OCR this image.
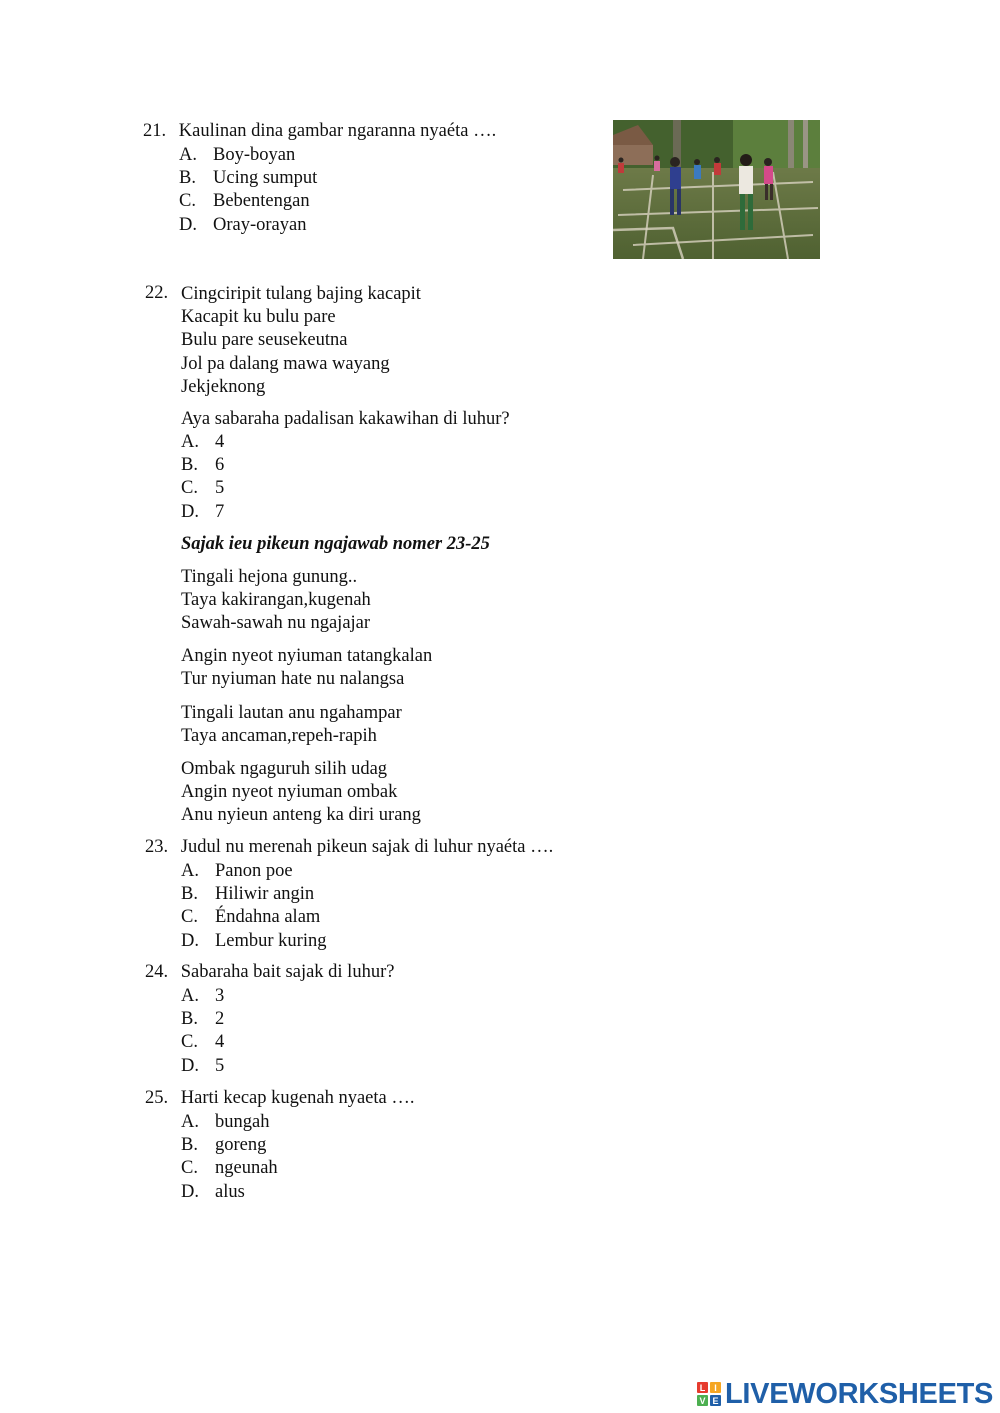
21. Kaulinan dina gambar ngaranna nyaéta ….
A. Boy-boyan
B. Ucing sumput
C. Bebentengan
D. Oray-orayan
22. Cingciripit tulang bajing kacapit
Kacapit ku bulu pare
Bulu pare seusekeutna
Jol pa dalang mawa wayang
Jekjeknong
Aya sabaraha padalisan kakawihan di luhur?
A. 4
B. 6
C. 5
D. 7
Sajak ieu pikeun ngajawab nomer 23-25
Tingali hejona gunung..
Taya kakirangan,kugenah
Sawah-sawah nu ngajajar
Angin nyeot nyiuman tatangkalan
Tur nyiuman hate nu nalangsa
Tingali lautan anu ngahampar
Taya ancaman,repeh-rapih
Ombak ngaguruh silih udag
Angin nyeot nyiuman ombak
Anu nyieun anteng ka diri urang
23. Judul nu merenah pikeun sajak di luhur nyaéta ….
A. Panon poe
B. Hiliwir angin
C. Éndahna alam
D. Lembur kuring
24. Sabaraha bait sajak di luhur?
A. 3
B. 2
C. 4
D. 5
25. Harti kecap kugenah nyaeta ….
A. bungah
B. goreng
C. ngeunah
D. alus
L I
V E LIVEWORKSHEETS
